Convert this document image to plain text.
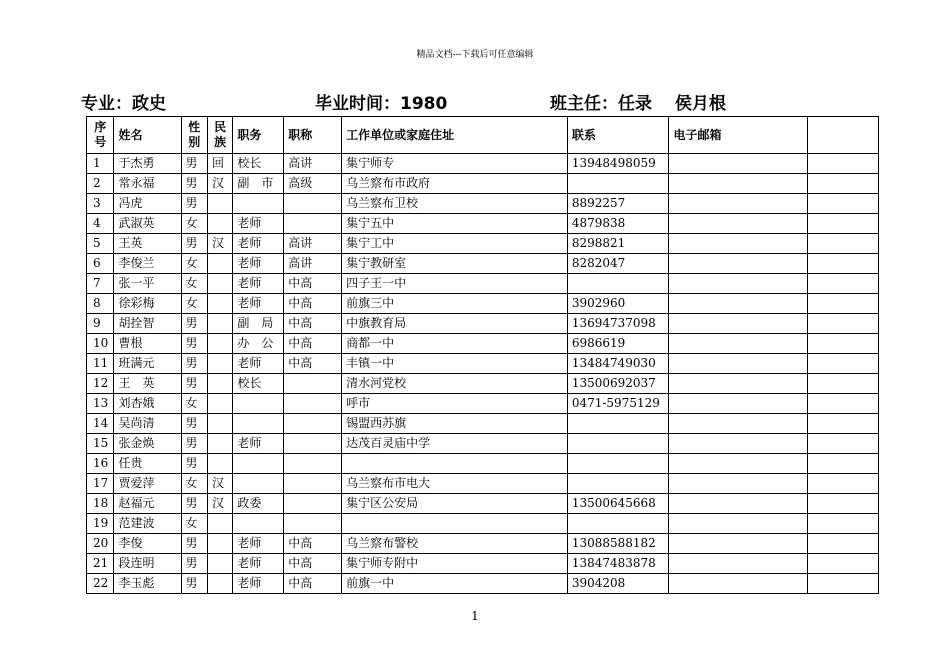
精品文档---下载后可任意编辑
专业：政史	毕业时间：1980	班主任：任录　 侯月根
序号	姓名	性别	民族	职务	职称	工作单位或家庭住址	联系	电子邮箱	
1	于杰勇	男	回	校长	高讲	集宁师专	13948498059		
2	常永福	男	汉	副　市	高级	乌兰察布市政府			
3	冯虎	男				乌兰察布卫校	8892257		
4	武淑英	女		老师		集宁五中	4879838		
5	王英	男	汉	老师	高讲	集宁工中	8298821		
6	李俊兰	女		老师	高讲	集宁教研室	8282047		
7	张一平	女		老师	中高	四子王一中			
8	徐彩梅	女		老师	中高	前旗三中	3902960		
9	胡拴智	男		副　局	中高	中旗教育局	13694737098		
10	曹根	男		办　公	中高	商都一中	6986619		
11	班满元	男		老师	中高	丰镇一中	13484749030		
12	王　英	男		校长		清水河党校	13500692037		
13	刘杏娥	女				呼市	0471-5975129		
14	吴尚清	男				锡盟西苏旗			
15	张金焕	男		老师		达茂百灵庙中学			
16	任贵	男							
17	贾爱萍	女	汉			乌兰察布市电大			
18	赵福元	男	汉	政委		集宁区公安局	13500645668		
19	范建波	女							
20	李俊	男		老师	中高	乌兰察布警校	13088588182		
21	段连明	男		老师	中高	集宁师专附中	13847483878		
22	李玉彪	男		老师	中高	前旗一中	3904208		
1
